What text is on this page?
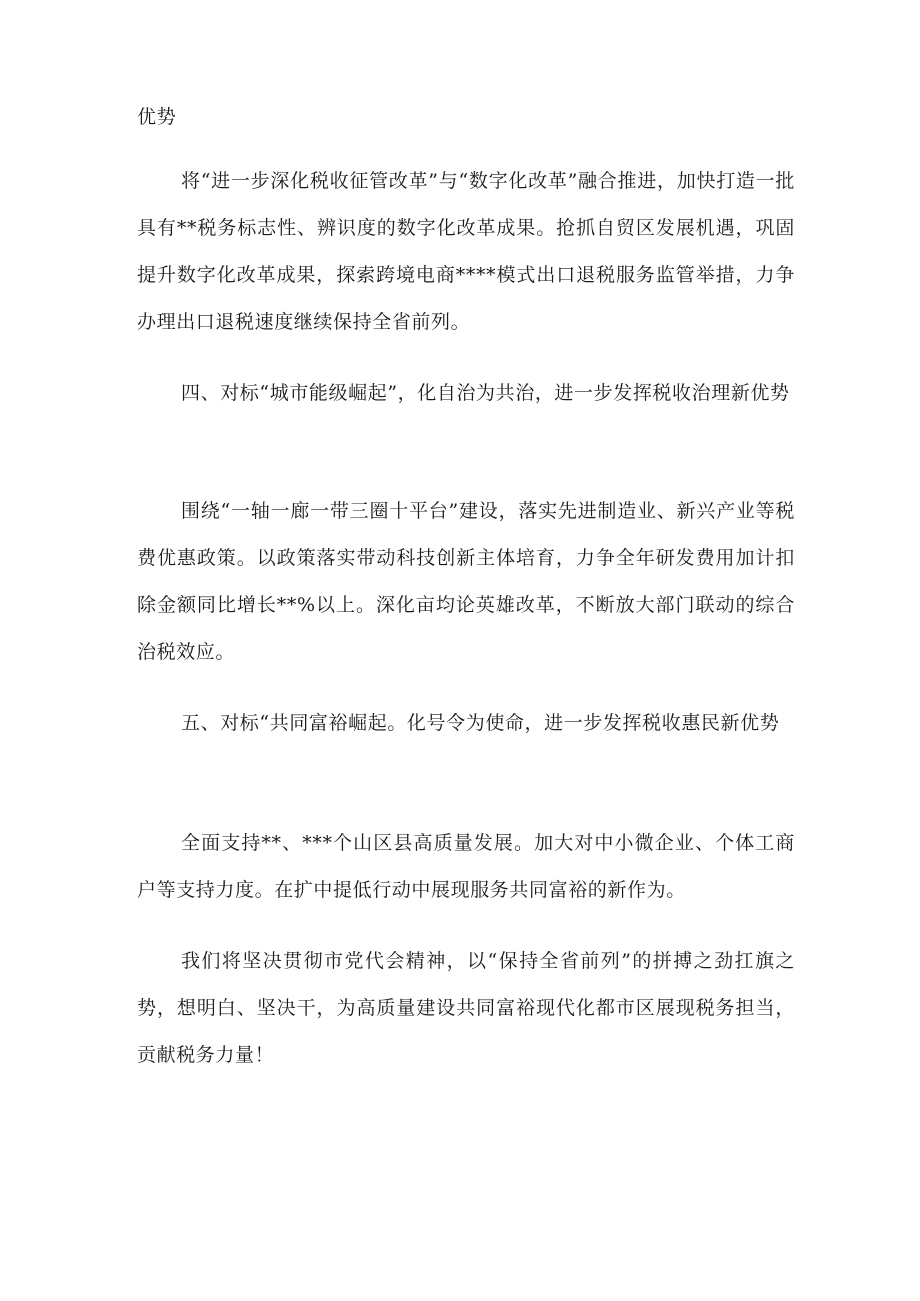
优势

将“进一步深化税收征管改革”与“数字化改革”融合推进，加快打造一批具有**税务标志性、辨识度的数字化改革成果。抢抓自贸区发展机遇，巩固提升数字化改革成果，探索跨境电商****模式出口退税服务监管举措，力争办理出口退税速度继续保持全省前列。

四、对标“城市能级崛起”，化自治为共治，进一步发挥税收治理新优势

围绕“一轴一廊一带三圈十平台”建设，落实先进制造业、新兴产业等税费优惠政策。以政策落实带动科技创新主体培育，力争全年研发费用加计扣除金额同比增长**%以上。深化亩均论英雄改革，不断放大部门联动的综合治税效应。

五、对标“共同富裕崛起。化号令为使命，进一步发挥税收惠民新优势

全面支持**、***个山区县高质量发展。加大对中小微企业、个体工商户等支持力度。在扩中提低行动中展现服务共同富裕的新作为。

我们将坚决贯彻市党代会精神，以“保持全省前列”的拼搏之劲扛旗之势，想明白、坚决干，为高质量建设共同富裕现代化都市区展现税务担当，贡献税务力量！
